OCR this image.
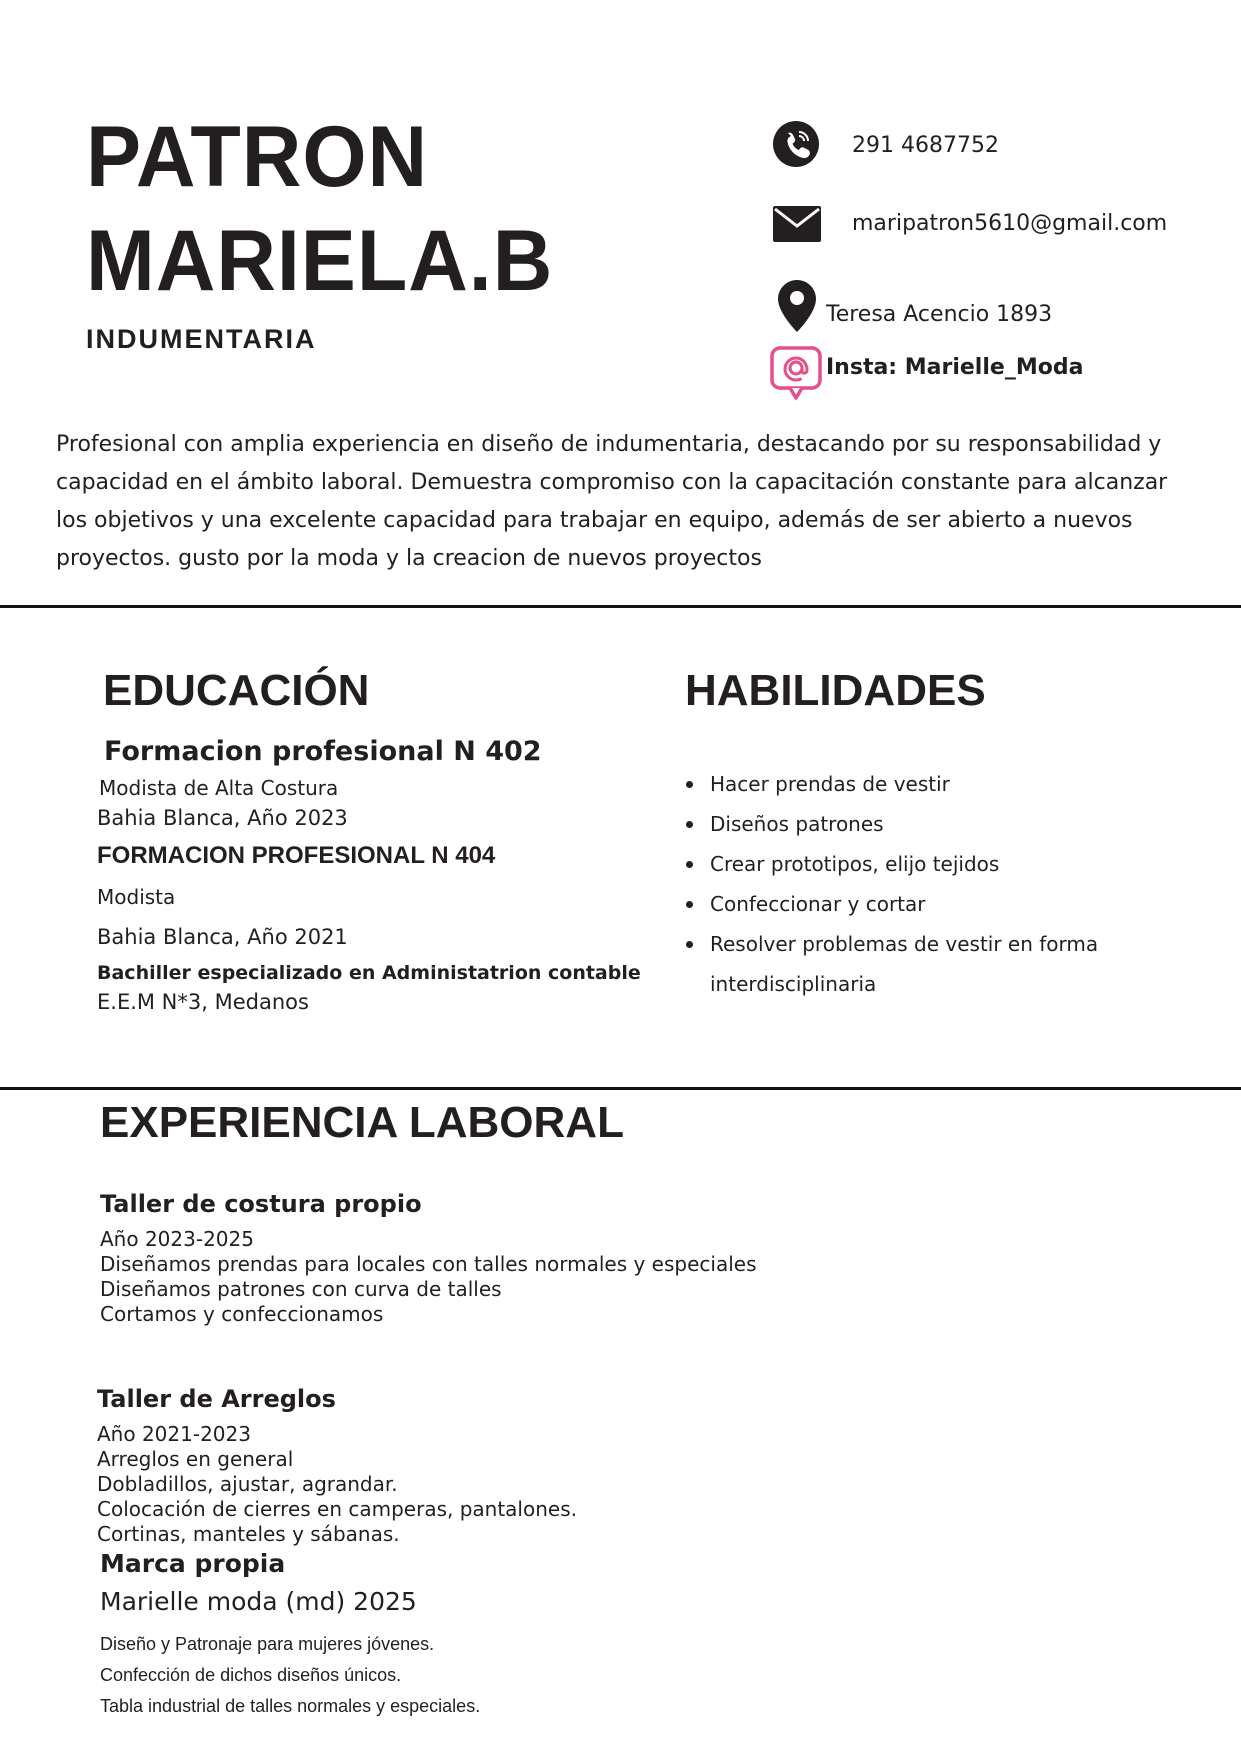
PATRON
MARIELA.B
INDUMENTARIA
291 4687752
maripatron5610@gmail.com
Teresa Acencio 1893
Insta: Marielle_Moda
Profesional con amplia experiencia en diseño de indumentaria, destacando por su responsabilidad y capacidad en el ámbito laboral. Demuestra compromiso con la capacitación constante para alcanzar los objetivos y una excelente capacidad para trabajar en equipo, además de ser abierto a nuevos proyectos. gusto por la moda y la creacion de nuevos proyectos
EDUCACIÓN
Formacion profesional N 402
Modista de Alta Costura
Bahia Blanca, Año 2023
FORMACION PROFESIONAL N 404
Modista
Bahia Blanca, Año 2021
Bachiller especializado en Administatrion contable
E.E.M N*3, Medanos
HABILIDADES
Hacer prendas de vestir
Diseños patrones
Crear prototipos, elijo tejidos
Confeccionar y cortar
Resolver problemas de vestir en forma interdisciplinaria
EXPERIENCIA LABORAL
Taller de costura propio
Año 2023-2025
Diseñamos prendas para locales con talles normales y especiales
Diseñamos patrones con curva de talles
Cortamos y confeccionamos
Taller de Arreglos
Año 2021-2023
Arreglos en general
Dobladillos, ajustar, agrandar.
Colocación de cierres en camperas, pantalones.
Cortinas, manteles y sábanas.
Marca propia
Marielle moda (md) 2025
Diseño y Patronaje para mujeres jóvenes.
Confección de dichos diseños únicos.
Tabla industrial de talles normales y especiales.
